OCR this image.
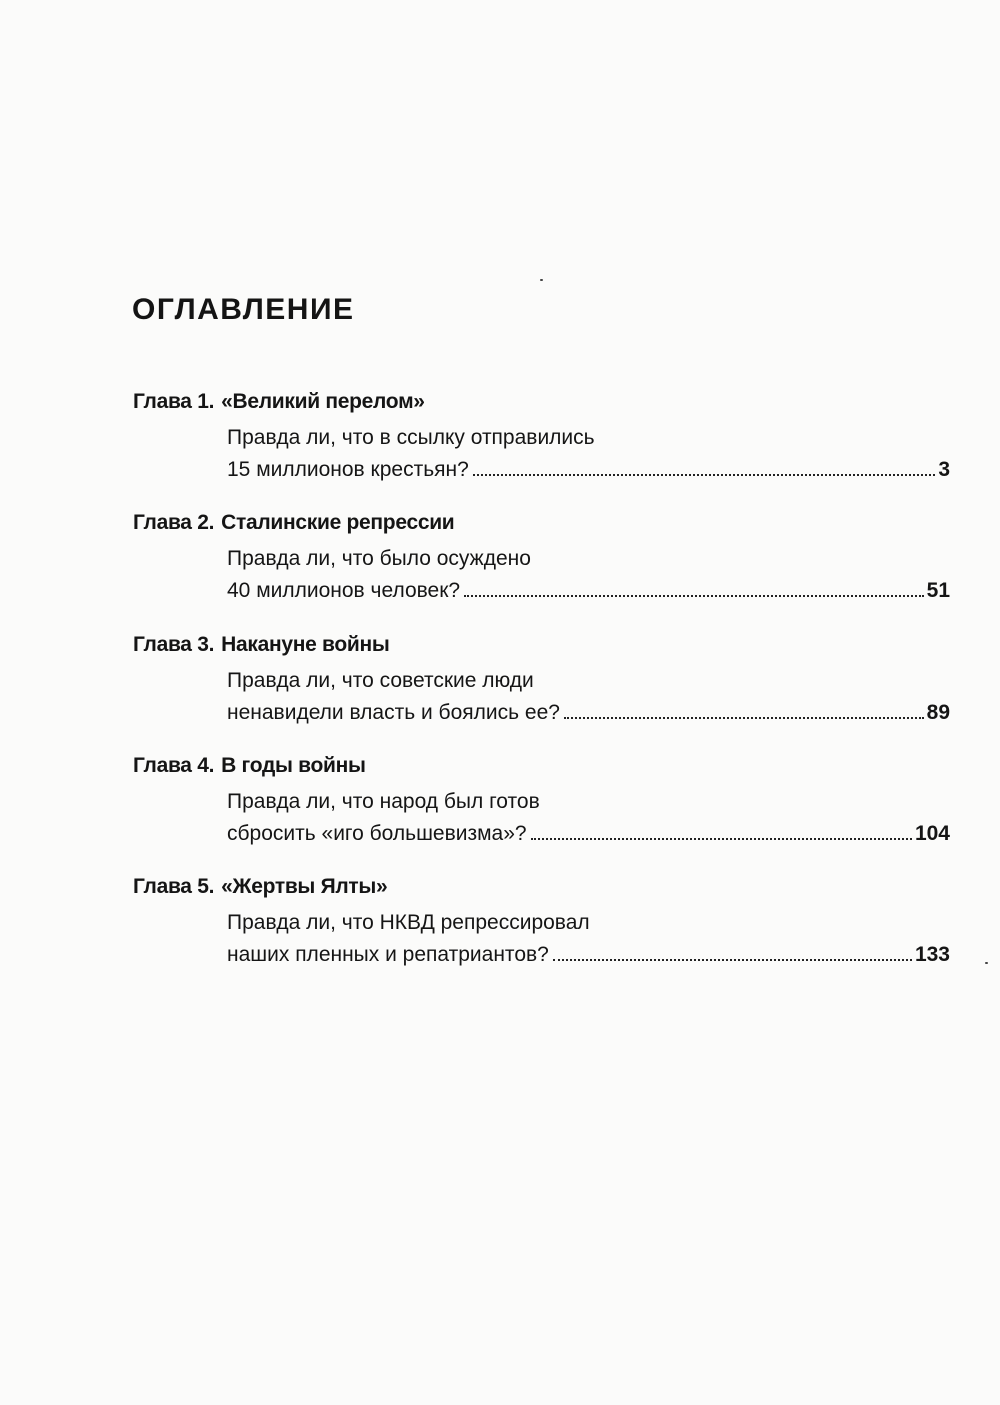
ОГЛАВЛЕНИЕ
Глава 1. «Великий перелом»
Правда ли, что в ссылку отправились
15 миллионов крестьян?	3
Глава 2. Сталинские репрессии
Правда ли, что было осуждено
40 миллионов человек?	51
Глава 3. Накануне войны
Правда ли, что советские люди
ненавидели власть и боялись ее?	89
Глава 4. В годы войны
Правда ли, что народ был готов
сбросить «иго большевизма»?	104
Глава 5. «Жертвы Ялты»
Правда ли, что НКВД репрессировал
наших пленных и репатриантов?	133
